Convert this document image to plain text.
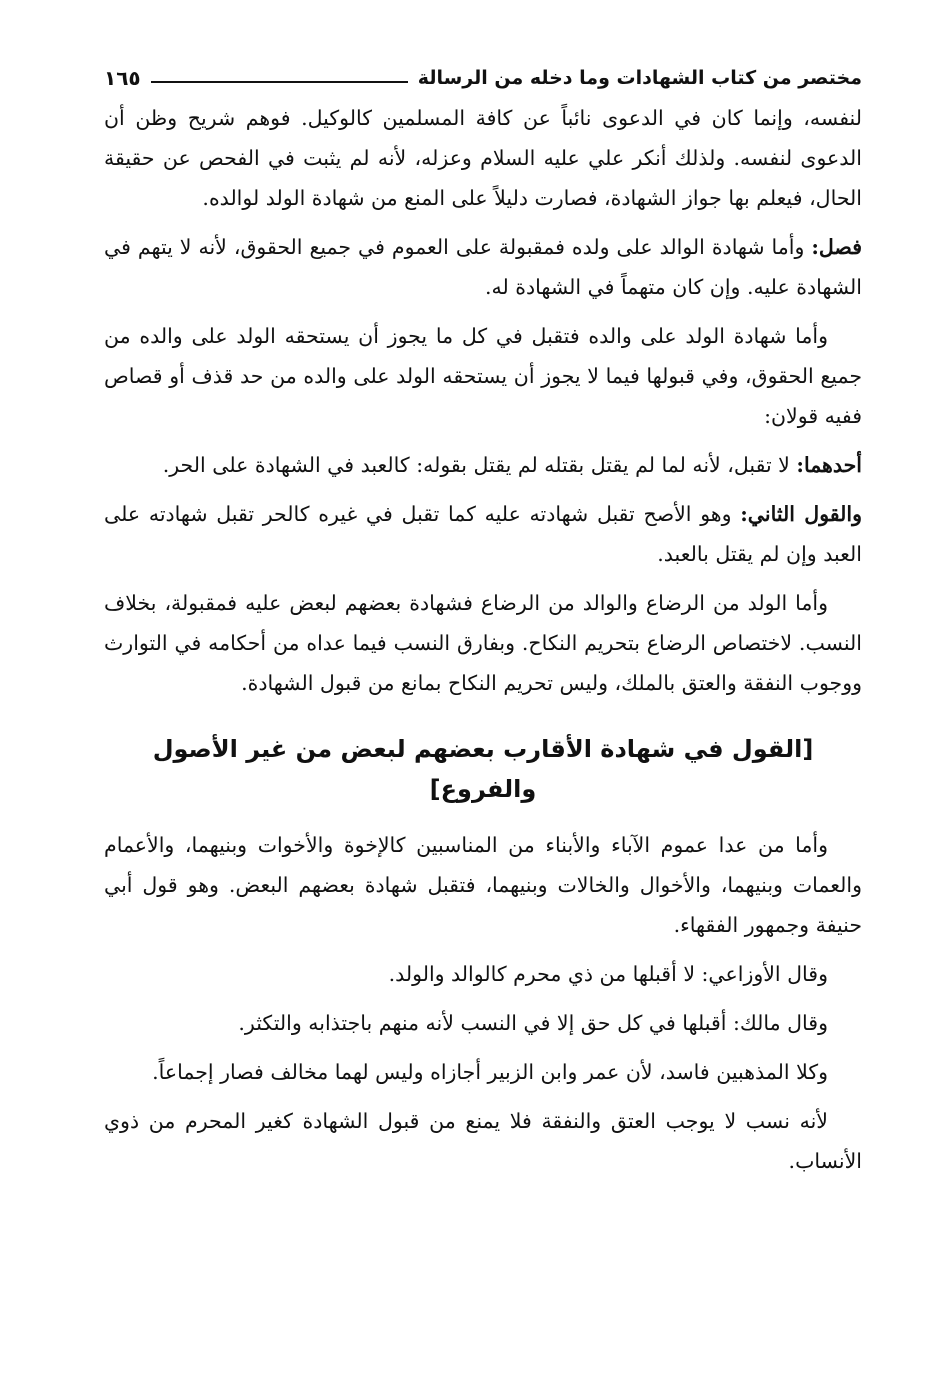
مختصر من كتاب الشهادات وما دخله من الرسالة
١٦٥

لنفسه، وإنما كان في الدعوى نائباً عن كافة المسلمين كالوكيل. فوهم شريح وظن أن الدعوى لنفسه. ولذلك أنكر علي عليه السلام وعزله، لأنه لم يثبت في الفحص عن حقيقة الحال، فيعلم بها جواز الشهادة، فصارت دليلاً على المنع من شهادة الولد لوالده.

فصل: وأما شهادة الوالد على ولده فمقبولة على العموم في جميع الحقوق، لأنه لا يتهم في الشهادة عليه. وإن كان متهماً في الشهادة له.

وأما شهادة الولد على والده فتقبل في كل ما يجوز أن يستحقه الولد على والده من جميع الحقوق، وفي قبولها فيما لا يجوز أن يستحقه الولد على والده من حد قذف أو قصاص ففيه قولان:

أحدهما: لا تقبل، لأنه لما لم يقتل بقتله لم يقتل بقوله: كالعبد في الشهادة على الحر.

والقول الثاني: وهو الأصح تقبل شهادته عليه كما تقبل في غيره كالحر تقبل شهادته على العبد وإن لم يقتل بالعبد.

وأما الولد من الرضاع والوالد من الرضاع فشهادة بعضهم لبعض عليه فمقبولة، بخلاف النسب. لاختصاص الرضاع بتحريم النكاح. وبفارق النسب فيما عداه من أحكامه في التوارث ووجوب النفقة والعتق بالملك، وليس تحريم النكاح بمانع من قبول الشهادة.

[القول في شهادة الأقارب بعضهم لبعض من غير الأصول والفروع]

وأما من عدا عموم الآباء والأبناء من المناسبين كالإخوة والأخوات وبنيهما، والأعمام والعمات وبنيهما، والأخوال والخالات وبنيهما، فتقبل شهادة بعضهم البعض. وهو قول أبي حنيفة وجمهور الفقهاء.

وقال الأوزاعي: لا أقبلها من ذي محرم كالوالد والولد.

وقال مالك: أقبلها في كل حق إلا في النسب لأنه منهم باجتذابه والتكثر.

وكلا المذهبين فاسد، لأن عمر وابن الزبير أجازاه وليس لهما مخالف فصار إجماعاً.

لأنه نسب لا يوجب العتق والنفقة فلا يمنع من قبول الشهادة كغير المحرم من ذوي الأنساب.
